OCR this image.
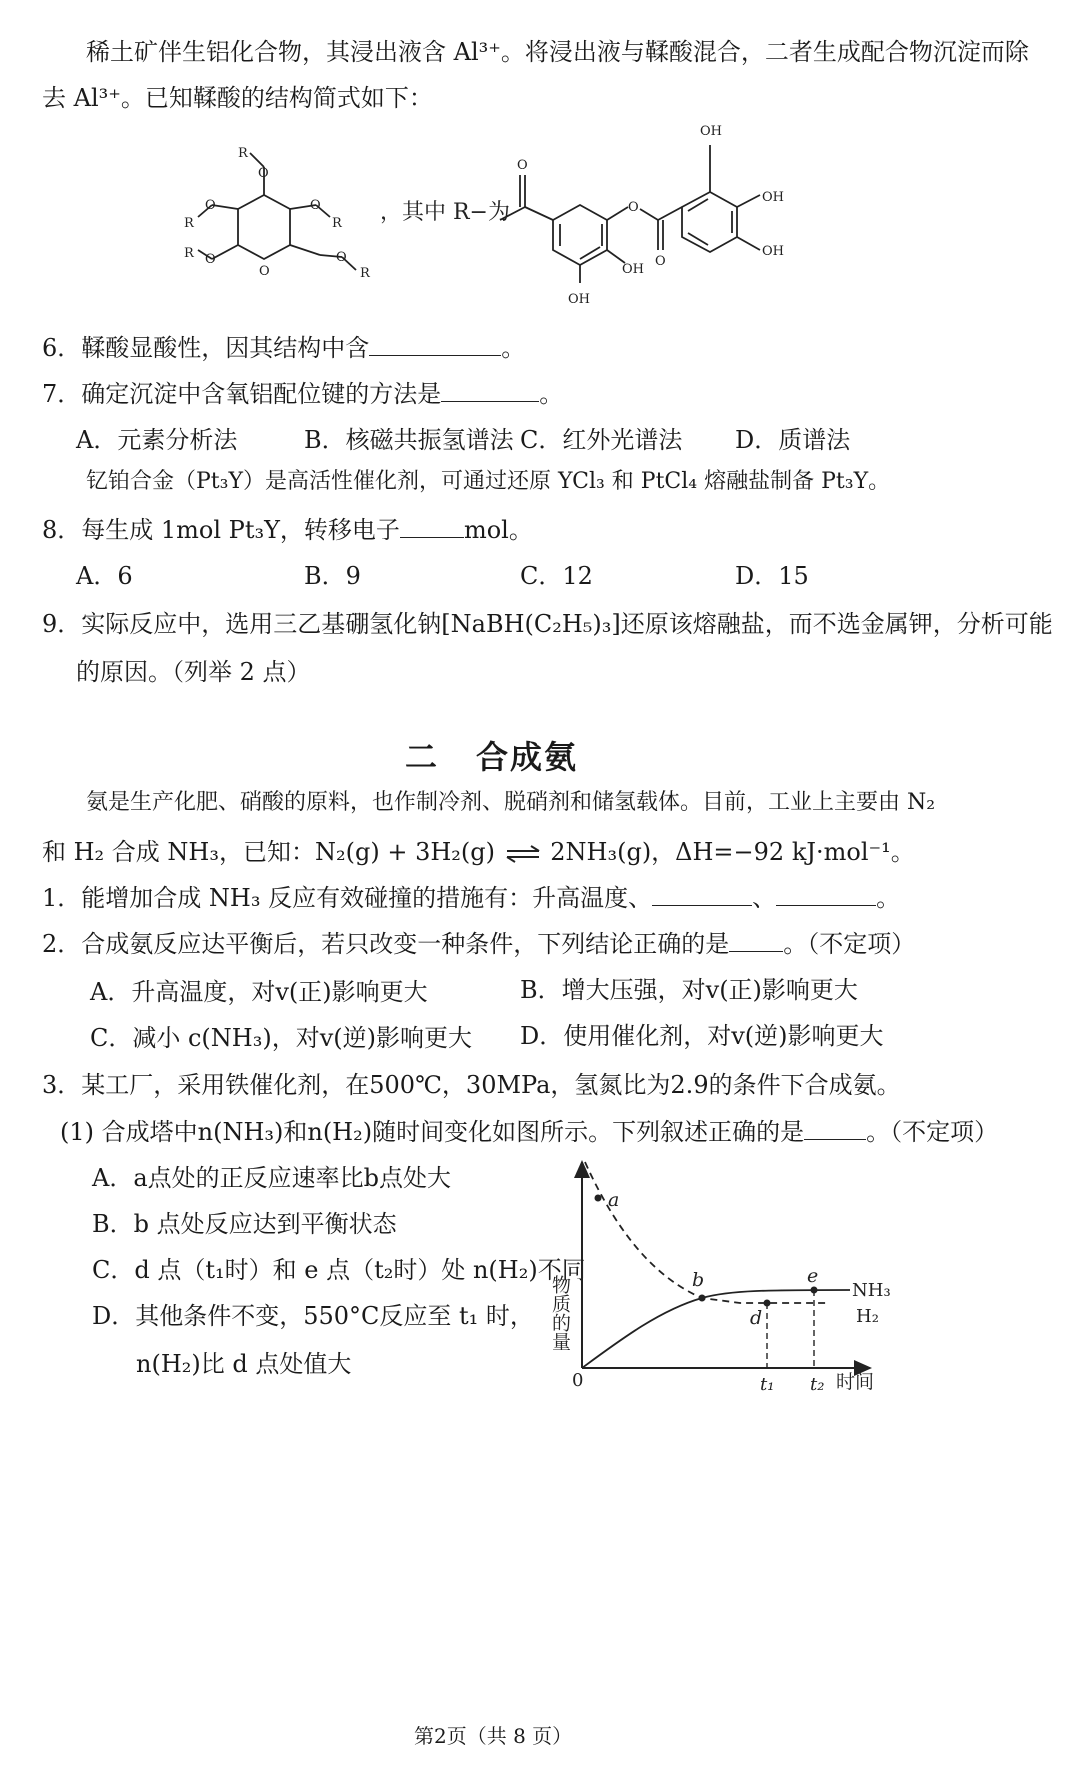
稀土矿伴生铝化合物，其浸出液含 Al³⁺。将浸出液与鞣酸混合，二者生成配合物沉淀而除
去 Al³⁺。已知鞣酸的结构简式如下：
R
O
O
R
O
R
O
R
O
O
R
O
O
O
OH
OH
OH
OH
OH
，其中 R−为
6．鞣酸显酸性，因其结构中含	。
7．确定沉淀中含氧铝配位键的方法是	。
A．元素分析法	B．核磁共振氢谱法 C．红外光谱法 D．质谱法
钇铂合金（Pt₃Y）是高活性催化剂，可通过还原 YCl₃ 和 PtCl₄ 熔融盐制备 Pt₃Y。
8．每生成 1mol Pt₃Y，转移电子	mol。
A．6	B．9	C．12	D．15
9．实际反应中，选用三乙基硼氢化钠[NaBH(C₂H₅)₃]还原该熔融盐，而不选金属钾，分析可能
的原因。（列举 2 点）
二 合成氨
氨是生产化肥、硝酸的原料，也作制冷剂、脱硝剂和储氢载体。目前，工业上主要由 N₂
和 H₂ 合成 NH₃，已知：N₂(g) + 3H₂(g) ⇌ 2NH₃(g)，ΔH=−92 kJ·mol⁻¹。
1．能增加合成 NH₃ 反应有效碰撞的措施有：升高温度、	、	。
2．合成氨反应达平衡后，若只改变一种条件，下列结论正确的是 。（不定项）
A．升高温度，对v(正)影响更大	B．增大压强，对v(正)影响更大
C．减小 c(NH₃)，对v(逆)影响更大 D．使用催化剂，对v(逆)影响更大
3．某工厂，采用铁催化剂，在500℃，30MPa，氢氮比为2.9的条件下合成氨。
(1) 合成塔中n(NH₃)和n(H₂)随时间变化如图所示。下列叙述正确的是	。（不定项）
A．a点处的正反应速率比b点处大
B．b 点处反应达到平衡状态
C．d 点（t₁时）和 e 点（t₂时）处 n(H₂)不同
D．其他条件不变，550°C反应至 t₁ 时，
n(H₂)比 d 点处值大
物质的量
0	时间
a
b
d
e
NH₃
H₂
t₁ t₂
第2页（共 8 页）
